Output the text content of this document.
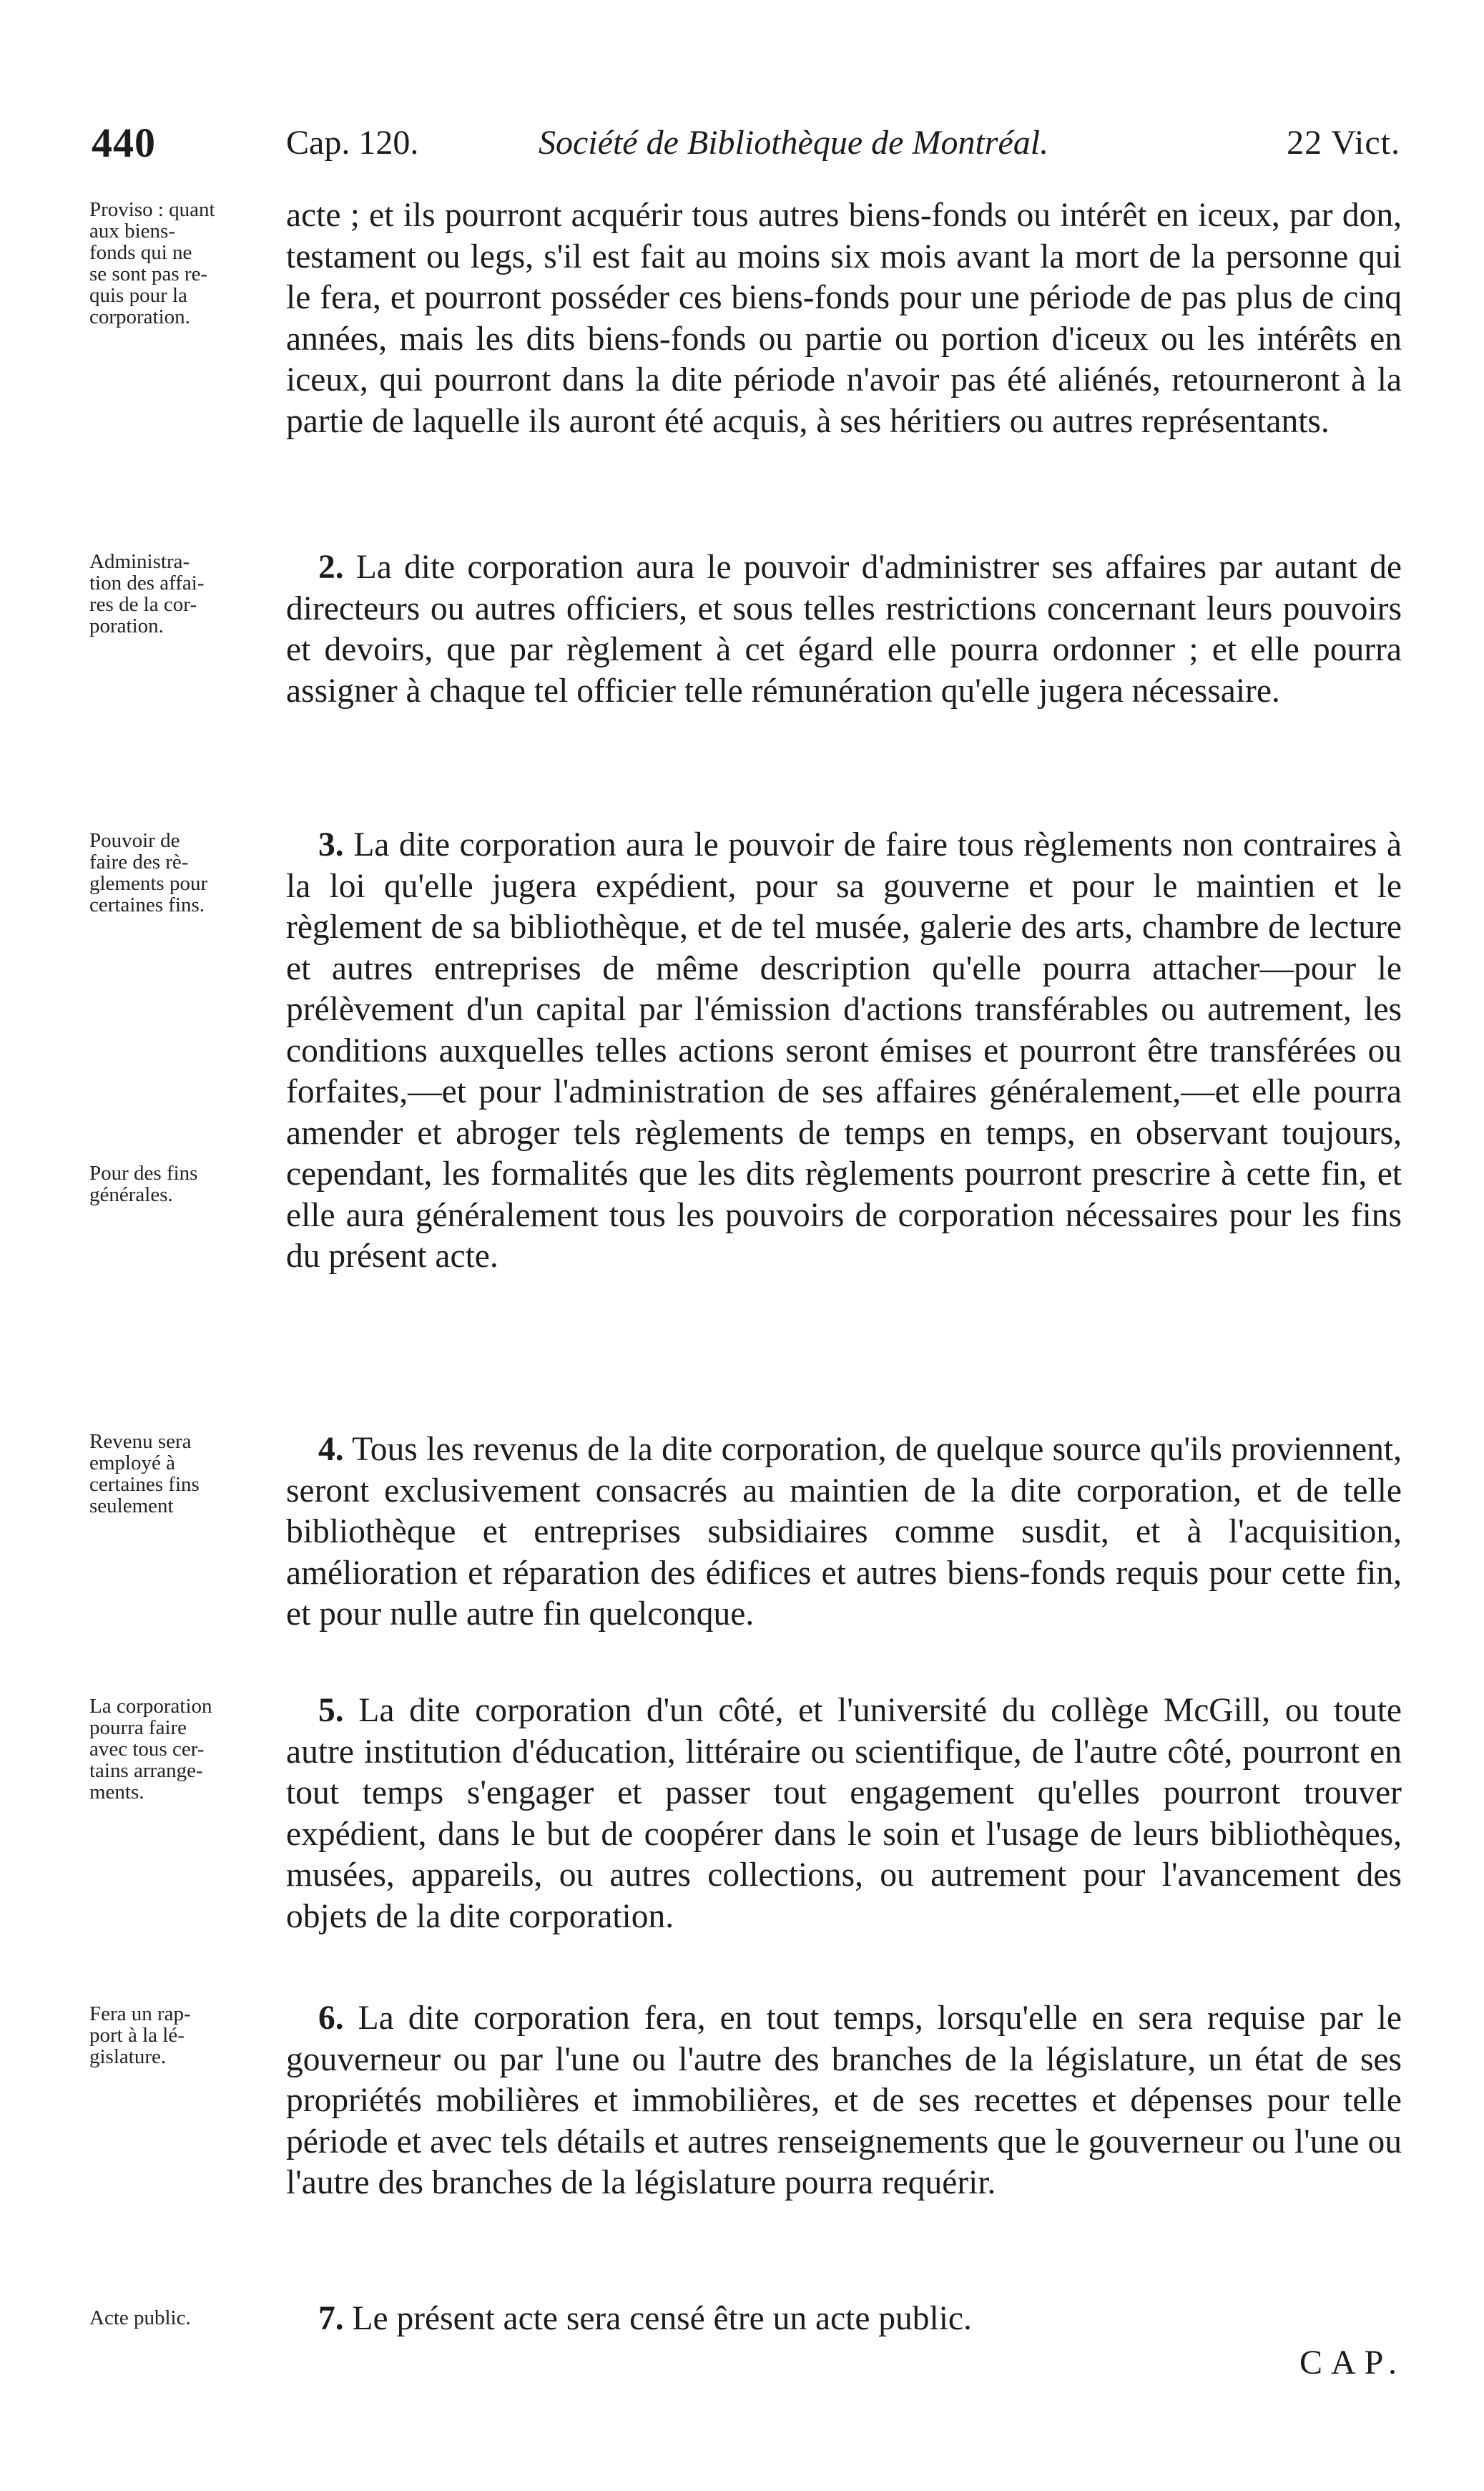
440	Cap. 120.	Société de Bibliothèque de Montréal.	22 Vict.
Proviso : quant
aux biens-
fonds qui ne
se sont pas re-
quis pour la
corporation.
Administra-
tion des affai-
res de la cor-
poration.
Pouvoir de
faire des rè-
glements pour
certaines fins.
Pour des fins
générales.
Revenu sera
employé à
certaines fins
seulement
La corporation
pourra faire
avec tous cer-
tains arrange-
ments.
Fera un rap-
port à la lé-
gislature.
Acte public.

acte ; et ils pourront acquérir tous autres biens-fonds ou intérêt en iceux, par don, testament ou legs, s'il est fait au moins six mois avant la mort de la personne qui le fera, et pourront posséder ces biens-fonds pour une période de pas plus de cinq années, mais les dits biens-fonds ou partie ou portion d'iceux ou les intérêts en iceux, qui pourront dans la dite période n'avoir pas été aliénés, retourneront à la partie de laquelle ils auront été acquis, à ses héritiers ou autres représentants.

2. La dite corporation aura le pouvoir d'administrer ses affaires par autant de directeurs ou autres officiers, et sous telles restrictions concernant leurs pouvoirs et devoirs, que par règlement à cet égard elle pourra ordonner ; et elle pourra assigner à chaque tel officier telle rémunération qu'elle jugera nécessaire.

3. La dite corporation aura le pouvoir de faire tous règlements non contraires à la loi qu'elle jugera expédient, pour sa gouverne et pour le maintien et le règlement de sa bibliothèque, et de tel musée, galerie des arts, chambre de lecture et autres entreprises de même description qu'elle pourra attacher—pour le prélèvement d'un capital par l'émission d'actions transférables ou autrement, les conditions auxquelles telles actions seront émises et pourront être transférées ou forfaites,—et pour l'administration de ses affaires généralement,—et elle pourra amender et abroger tels règlements de temps en temps, en observant toujours, cependant, les formalités que les dits règlements pourront prescrire à cette fin, et elle aura généralement tous les pouvoirs de corporation nécessaires pour les fins du présent acte.

4. Tous les revenus de la dite corporation, de quelque source qu'ils proviennent, seront exclusivement consacrés au maintien de la dite corporation, et de telle bibliothèque et entreprises subsidiaires comme susdit, et à l'acquisition, amélioration et réparation des édifices et autres biens-fonds requis pour cette fin, et pour nulle autre fin quelconque.

5. La dite corporation d'un côté, et l'université du collège McGill, ou toute autre institution d'éducation, littéraire ou scientifique, de l'autre côté, pourront en tout temps s'engager et passer tout engagement qu'elles pourront trouver expédient, dans le but de coopérer dans le soin et l'usage de leurs bibliothèques, musées, appareils, ou autres collections, ou autrement pour l'avancement des objets de la dite corporation.

6. La dite corporation fera, en tout temps, lorsqu'elle en sera requise par le gouverneur ou par l'une ou l'autre des branches de la législature, un état de ses propriétés mobilières et immobilières, et de ses recettes et dépenses pour telle période et avec tels détails et autres renseignements que le gouverneur ou l'une ou l'autre des branches de la législature pourra requérir.

7. Le présent acte sera censé être un acte public.

CAP.
